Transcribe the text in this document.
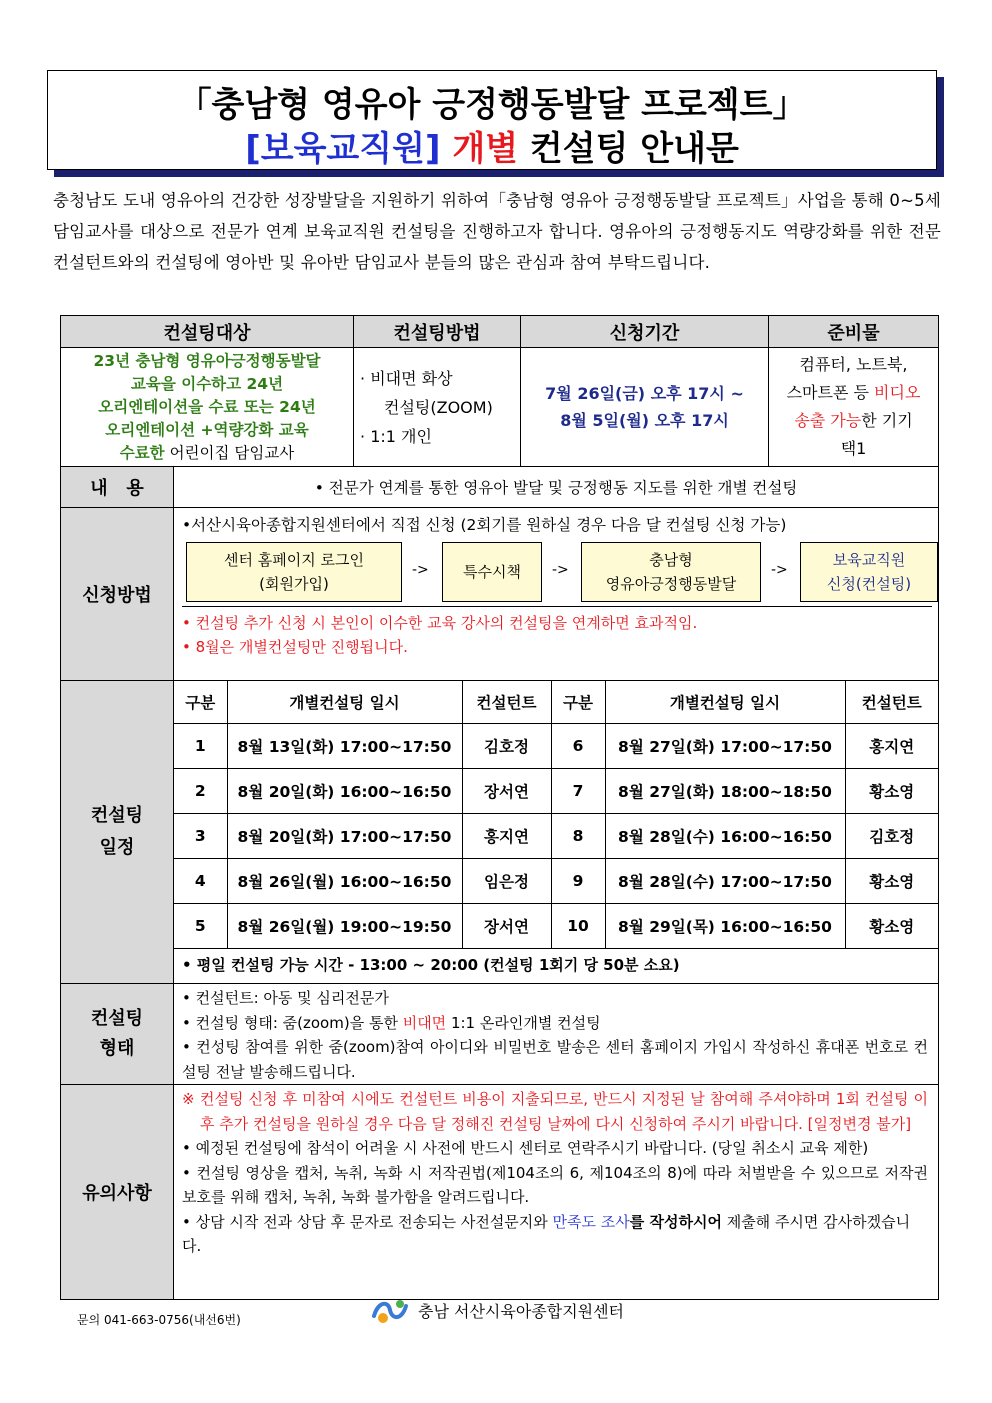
「충남형 영유아 긍정행동발달 프로젝트」
[보육교직원] 개별 컨설팅 안내문
충청남도 도내 영유아의 건강한 성장발달을 지원하기 위하여「충남형 영유아 긍정행동발달 프로젝트」사업을 통해 0~5세 담임교사를 대상으로 전문가 연계 보육교직원 컨설팅을 진행하고자 합니다. 영유아의 긍정행동지도 역량강화를 위한 전문 컨설턴트와의 컨설팅에 영아반 및 유아반 담임교사 분들의 많은 관심과 참여 부탁드립니다.
컨설팅대상	컨설팅방법	신청기간	준비물

23년 충남형 영유아긍정행동발달
교육을 이수하고 24년
오리엔테이션을 수료 또는 24년
오리엔테이션 +역량강화 교육
수료한 어린이집 담임교사

· 비대면 화상
컨설팅(ZOOM)
· 1:1 개인

7월 26일(금) 오후 17시 ~
8월 5일(월) 오후 17시

컴퓨터, 노트북,
스마트폰 등 비디오
송출 가능한 기기
택1

내   용	• 전문가 연계를 통한 영유아 발달 및 긍정행동 지도를 위한 개별 컨설팅
신청방법	
•서산시육아종합지원센터에서 직접 신청 (2회기를 원하실 경우 다음 달 컨설팅 신청 가능)
센터 홈페이지 로그인
(회원가입)
->	특수시책	->
충남형
영유아긍정행동발달
->
보육교직원
신청(컨설팅)
• 컨설팅 추가 신청 시 본인이 이수한 교육 강사의 컨설팅을 연계하면 효과적임.
• 8월은 개별컨설팅만 진행됩니다.

컨설팅
일정

구분	개별컨설팅 일시	컨설턴트	구분	개별컨설팅 일시	컨설턴트
1	8월 13일(화) 17:00~17:50	김호정	6	8월 27일(화) 17:00~17:50	홍지연
2	8월 20일(화) 16:00~16:50	장서연	7	8월 27일(화) 18:00~18:50	황소영
3	8월 20일(화) 17:00~17:50	홍지연	8	8월 28일(수) 16:00~16:50	김호정
4	8월 26일(월) 16:00~16:50	임은정	9	8월 28일(수) 17:00~17:50	황소영
5	8월 26일(월) 19:00~19:50	장서연	10	8월 29일(목) 16:00~16:50	황소영
• 평일 컨설팅 가능 시간 - 13:00 ~ 20:00 (컨설팅 1회기 당 50분 소요)

컨설팅
형태

• 컨설턴트: 아동 및 심리전문가
• 컨설팅 형태: 줌(zoom)을 통한 비대면 1:1 온라인개별 컨설팅
• 컨성팅 참여를 위한 줌(zoom)참여 아이디와 비밀번호 발송은 센터 홈페이지 가입시 작성하신 휴대폰 번호로 컨설팅 전날 발송해드립니다.

유의사항	
※ 컨설팅 신청 후 미참여 시에도 컨설턴트 비용이 지출되므로, 반드시 지정된 날 참여해 주셔야하며 1회 컨설팅 이후 추가 컨설팅을 원하실 경우 다음 달 정해진 컨설팅 날짜에 다시 신청하여 주시기 바랍니다. [일정변경 불가]
• 예정된 컨설팅에 참석이 어려울 시 사전에 반드시 센터로 연락주시기 바랍니다. (당일 취소시 교육 제한)
• 컨설팅 영상을 캡처, 녹취, 녹화 시 저작권법(제104조의 6, 제104조의 8)에 따라 처벌받을 수 있으므로 저작권 보호를 위해 캡처, 녹취, 녹화 불가함을 알려드립니다.
• 상담 시작 전과 상담 후 문자로 전송되는 사전설문지와 만족도 조사를 작성하시어 제출해 주시면 감사하겠습니다.
문의 041-663-0756(내선6번)	충남 서산시육아종합지원센터
